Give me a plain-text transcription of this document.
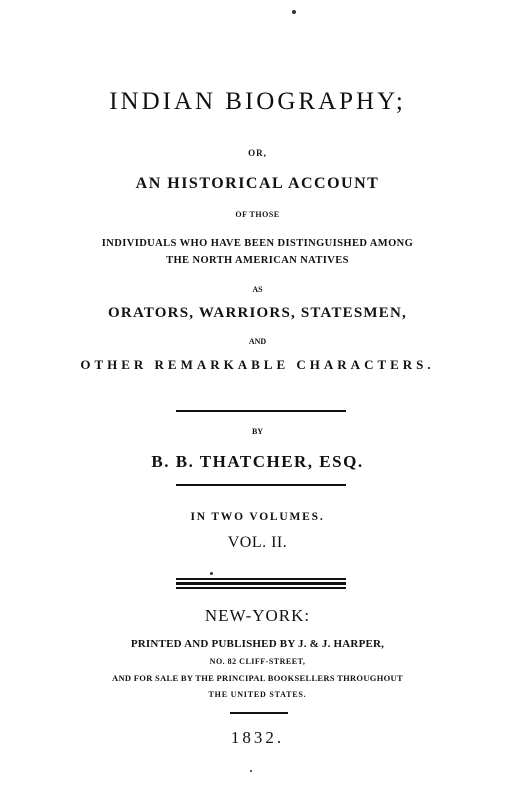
INDIAN BIOGRAPHY;
OR,
AN HISTORICAL ACCOUNT
OF THOSE
INDIVIDUALS WHO HAVE BEEN DISTINGUISHED AMONG
THE NORTH AMERICAN NATIVES
AS
ORATORS, WARRIORS, STATESMEN,
AND
OTHER REMARKABLE CHARACTERS.
BY
B. B. THATCHER, ESQ.
IN TWO VOLUMES.
VOL. II.
NEW-YORK:
PRINTED AND PUBLISHED BY J. & J. HARPER,
NO. 82 CLIFF-STREET,
AND FOR SALE BY THE PRINCIPAL BOOKSELLERS THROUGHOUT
THE UNITED STATES.
1832.
